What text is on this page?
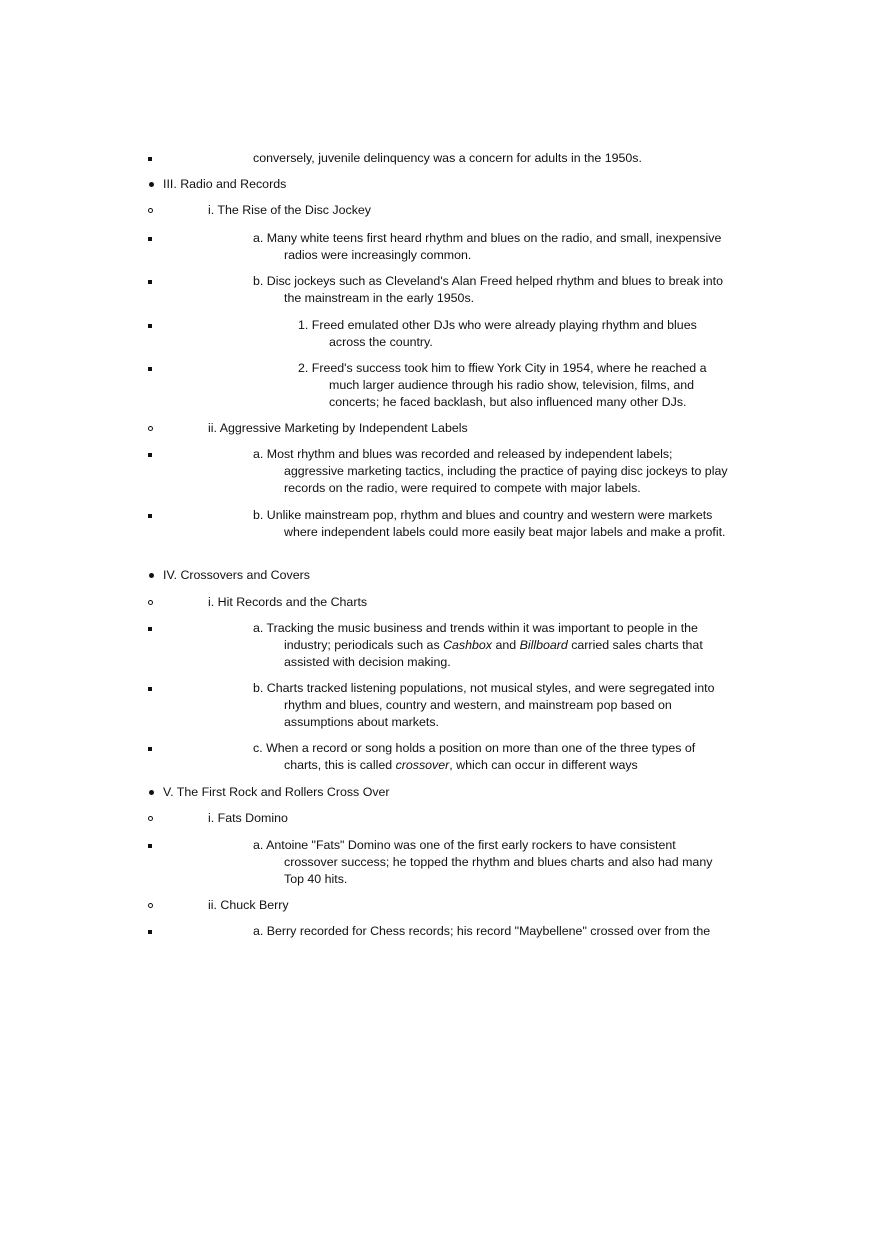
conversely, juvenile delinquency was a concern for adults in the 1950s.
III. Radio and Records
i. The Rise of the Disc Jockey
a. Many white teens first heard rhythm and blues on the radio, and small, inexpensive radios were increasingly common.
b. Disc jockeys such as Cleveland's Alan Freed helped rhythm and blues to break into the mainstream in the early 1950s.
1. Freed emulated other DJs who were already playing rhythm and blues across the country.
2. Freed's success took him to ffiew York City in 1954, where he reached a much larger audience through his radio show, television, films, and concerts; he faced backlash, but also influenced many other DJs.
ii. Aggressive Marketing by Independent Labels
a. Most rhythm and blues was recorded and released by independent labels; aggressive marketing tactics, including the practice of paying disc jockeys to play records on the radio, were required to compete with major labels.
b. Unlike mainstream pop, rhythm and blues and country and western were markets where independent labels could more easily beat major labels and make a profit.
IV. Crossovers and Covers
i. Hit Records and the Charts
a. Tracking the music business and trends within it was important to people in the industry; periodicals such as Cashbox and Billboard carried sales charts that assisted with decision making.
b. Charts tracked listening populations, not musical styles, and were segregated into rhythm and blues, country and western, and mainstream pop based on assumptions about markets.
c. When a record or song holds a position on more than one of the three types of charts, this is called crossover, which can occur in different ways
V. The First Rock and Rollers Cross Over
i. Fats Domino
a. Antoine "Fats" Domino was one of the first early rockers to have consistent crossover success; he topped the rhythm and blues charts and also had many Top 40 hits.
ii. Chuck Berry
a. Berry recorded for Chess records; his record "Maybellene" crossed over from the
